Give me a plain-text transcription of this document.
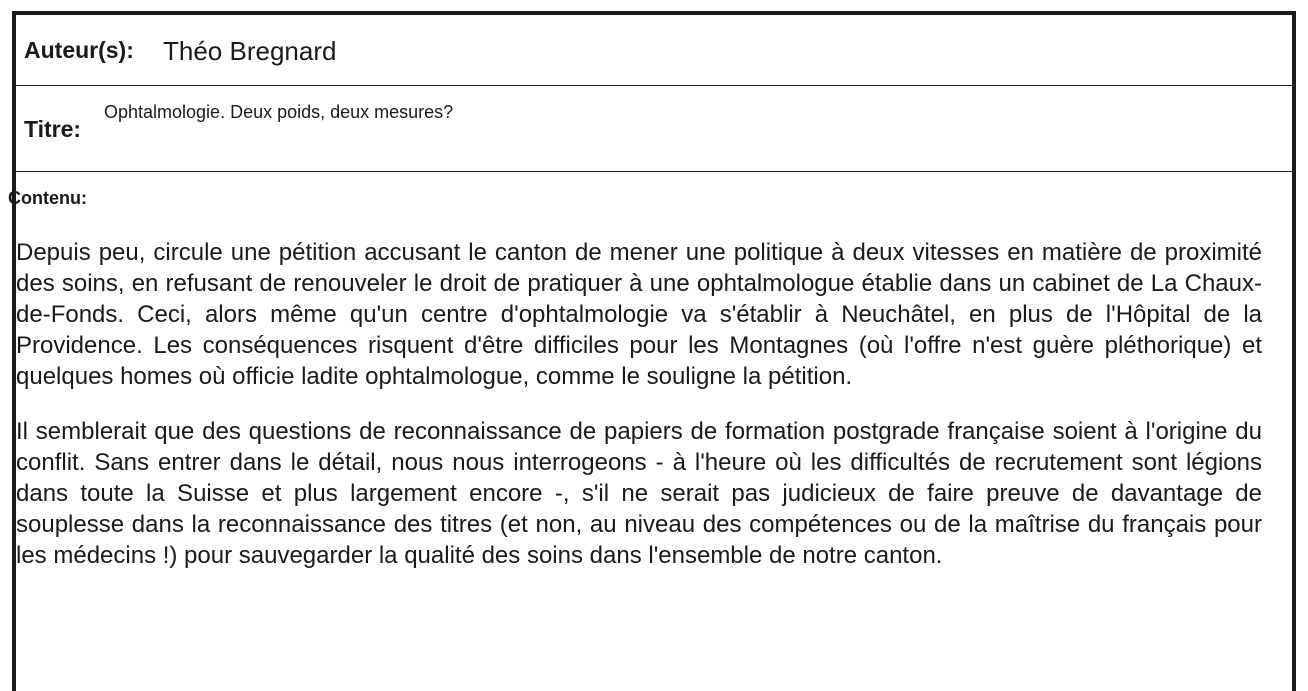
Auteur(s): Théo Bregnard
Titre:
Ophtalmologie. Deux poids, deux mesures?
Contenu:

Depuis peu, circule une pétition accusant le canton de mener une politique à deux vitesses en matière de proximité des soins, en refusant de renouveler le droit de pratiquer à une ophtalmologue établie dans un cabinet de La Chaux-de-Fonds. Ceci, alors même qu'un centre d'ophtalmologie va s'établir à Neuchâtel, en plus de l'Hôpital de la Providence. Les conséquences risquent d'être difficiles pour les Montagnes (où l'offre n'est guère pléthorique) et quelques homes où officie ladite ophtalmologue, comme le souligne la pétition.

Il semblerait que des questions de reconnaissance de papiers de formation postgrade française soient à l'origine du conflit. Sans entrer dans le détail, nous nous interrogeons - à l'heure où les difficultés de recrutement sont légions dans toute la Suisse et plus largement encore -, s'il ne serait pas judicieux de faire preuve de davantage de souplesse dans la reconnaissance des titres (et non, au niveau des compétences ou de la maîtrise du français pour les médecins !) pour sauvegarder la qualité des soins dans l'ensemble de notre canton.
